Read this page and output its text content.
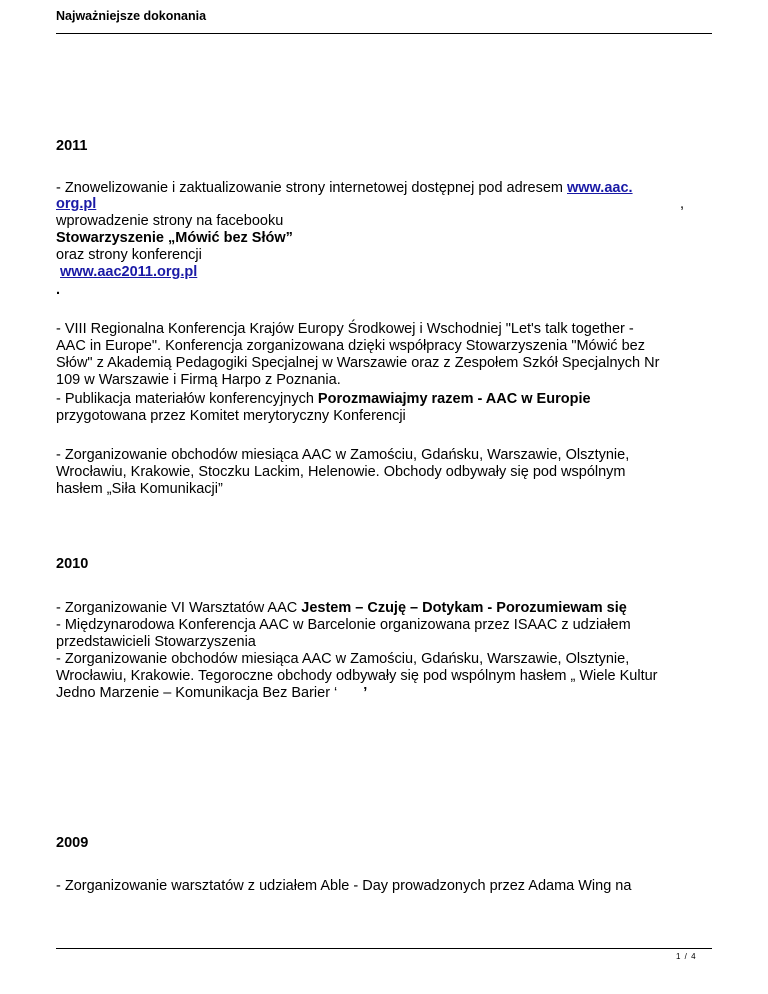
Najważniejsze dokonania
2011
- Znowelizowanie i zaktualizowanie strony internetowej dostępnej pod adresem www.aac.
org.pl	,
wprowadzenie strony na facebooku
Stowarzyszenie „Mówić bez Słów”
oraz strony konferencji
www.aac2011.org.pl
.
- VIII Regionalna Konferencja Krajów Europy Środkowej i Wschodniej "Let's talk together -
AAC in Europe". Konferencja zorganizowana dzięki współpracy Stowarzyszenia "Mówić bez
Słów" z Akademią Pedagogiki Specjalnej w Warszawie oraz z Zespołem Szkół Specjalnych Nr
109 w Warszawie i Firmą Harpo z Poznania.
- Publikacja materiałów konferencyjnych Porozmawiajmy razem - AAC w Europie
przygotowana przez Komitet merytoryczny Konferencji
- Zorganizowanie obchodów miesiąca AAC w Zamościu, Gdańsku, Warszawie, Olsztynie,
Wrocławiu, Krakowie, Stoczku Lackim, Helenowie. Obchody odbywały się pod wspólnym
hasłem „Siła Komunikacji”
2010
- Zorganizowanie VI Warsztatów AAC Jestem – Czuję – Dotykam - Porozumiewam się
- Międzynarodowa Konferencja AAC w Barcelonie organizowana przez ISAAC z udziałem
przedstawicieli Stowarzyszenia
- Zorganizowanie obchodów miesiąca AAC w Zamościu, Gdańsku, Warszawie, Olsztynie,
Wrocławiu, Krakowie. Tegoroczne obchody odbywały się pod wspólnym hasłem „ Wiele Kultur
Jedno Marzenie – Komunikacja Bez Barier ‘ ’
2009
- Zorganizowanie warsztatów z udziałem Able - Day prowadzonych przez Adama Wing na
1 / 4
